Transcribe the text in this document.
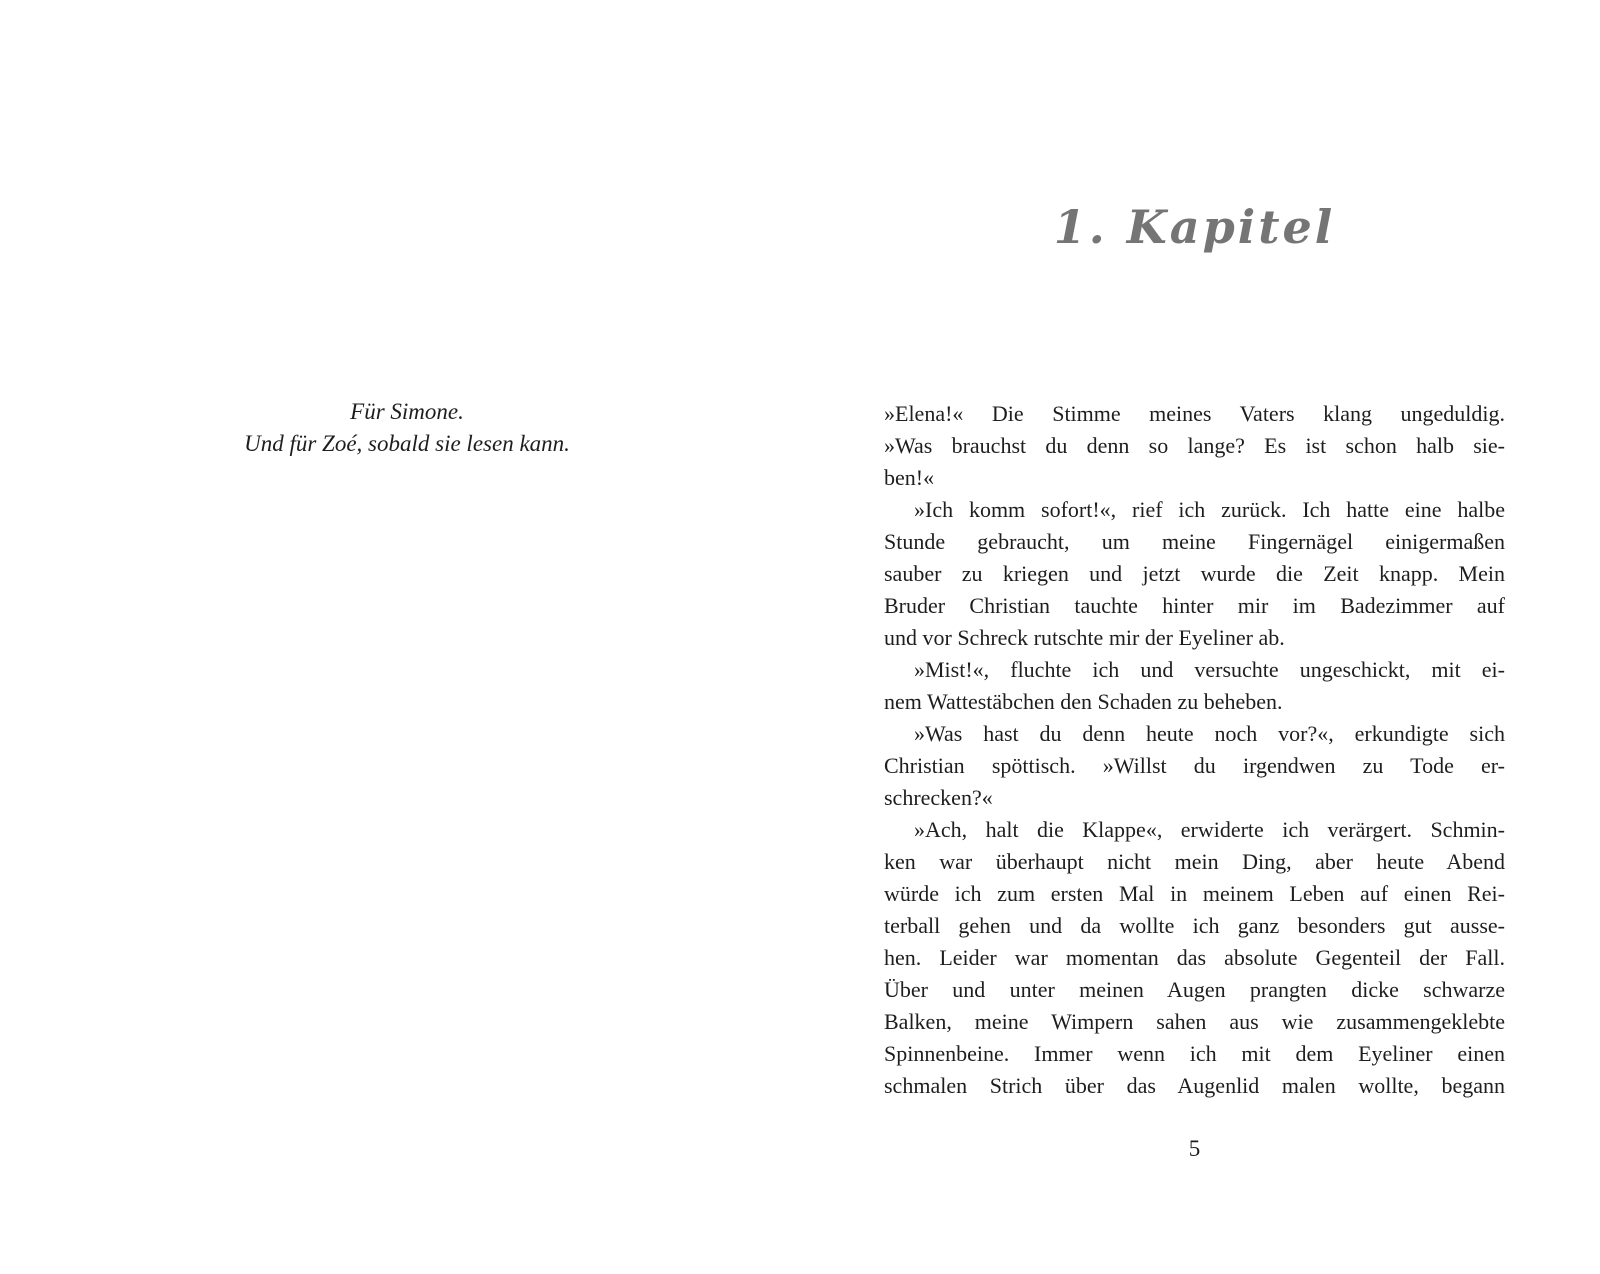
Für Simone.
Und für Zoé, sobald sie lesen kann.
1. Kapitel
»Elena!« Die Stimme meines Vaters klang ungeduldig.
»Was brauchst du denn so lange? Es ist schon halb sie-
ben!«
»Ich komm sofort!«, rief ich zurück. Ich hatte eine halbe
Stunde gebraucht, um meine Fingernägel einigermaßen
sauber zu kriegen und jetzt wurde die Zeit knapp. Mein
Bruder Christian tauchte hinter mir im Badezimmer auf
und vor Schreck rutschte mir der Eyeliner ab.
»Mist!«, fluchte ich und versuchte ungeschickt, mit ei-
nem Wattestäbchen den Schaden zu beheben.
»Was hast du denn heute noch vor?«, erkundigte sich
Christian spöttisch. »Willst du irgendwen zu Tode er-
schrecken?«
»Ach, halt die Klappe«, erwiderte ich verärgert. Schmin-
ken war überhaupt nicht mein Ding, aber heute Abend
würde ich zum ersten Mal in meinem Leben auf einen Rei-
terball gehen und da wollte ich ganz besonders gut ausse-
hen. Leider war momentan das absolute Gegenteil der Fall.
Über und unter meinen Augen prangten dicke schwarze
Balken, meine Wimpern sahen aus wie zusammengeklebte
Spinnenbeine. Immer wenn ich mit dem Eyeliner einen
schmalen Strich über das Augenlid malen wollte, begann
5
